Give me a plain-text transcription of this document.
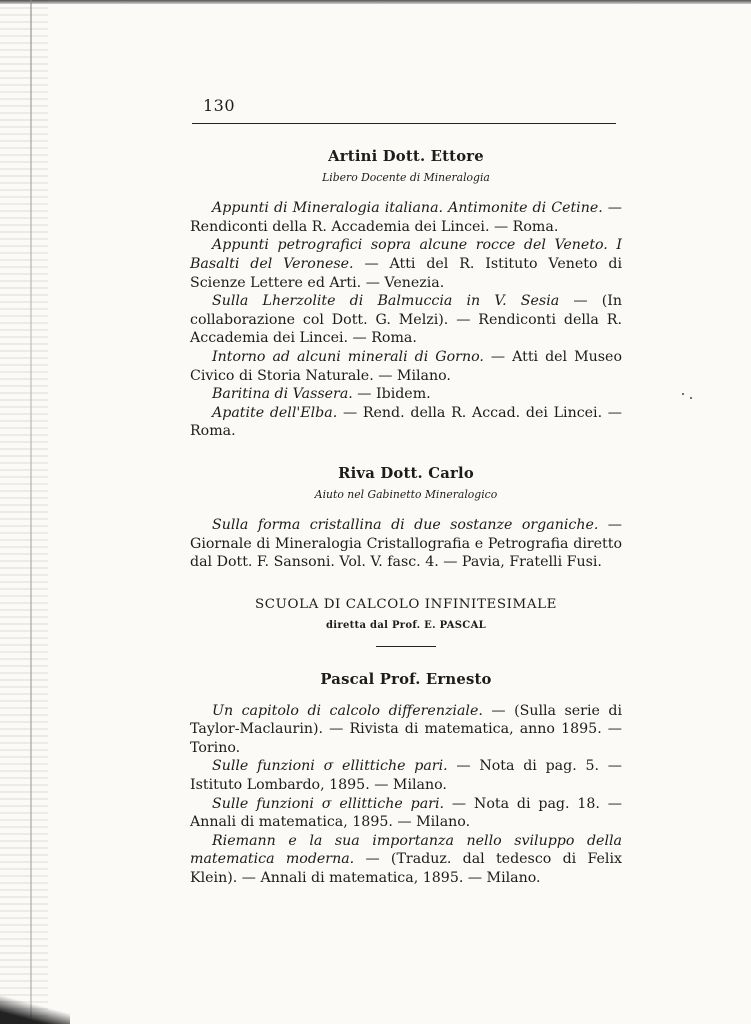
130
Artini Dott. Ettore
Libero Docente di Mineralogia

Appunti di Mineralogia italiana. Antimonite di Cetine. — Rendiconti della R. Accademia dei Lincei. — Roma.

Appunti petrografici sopra alcune rocce del Veneto. I Basalti del Veronese. — Atti del R. Istituto Veneto di Scienze Lettere ed Arti. — Venezia.

Sulla Lherzolite di Balmuccia in V. Sesia — (In collaborazione col Dott. G. Melzi). — Rendiconti della R. Accademia dei Lincei. — Roma.

Intorno ad alcuni minerali di Gorno. — Atti del Museo Civico di Storia Naturale. — Milano.

Baritina di Vassera. — Ibidem.

Apatite dell'Elba. — Rend. della R. Accad. dei Lincei. — Roma.

Riva Dott. Carlo
Aiuto nel Gabinetto Mineralogico

Sulla forma cristallina di due sostanze organiche. — Giornale di Mineralogia Cristallografia e Petrografia diretto dal Dott. F. Sansoni. Vol. V. fasc. 4. — Pavia, Fratelli Fusi.

SCUOLA DI CALCOLO INFINITESIMALE
diretta dal Prof. E. PASCAL
Pascal Prof. Ernesto

Un capitolo di calcolo differenziale. — (Sulla serie di Taylor-Maclaurin). — Rivista di matematica, anno 1895. — Torino.

Sulle funzioni σ ellittiche pari. — Nota di pag. 5. — Istituto Lombardo, 1895. — Milano.

Sulle funzioni σ ellittiche pari. — Nota di pag. 18. — Annali di matematica, 1895. — Milano.

Riemann e la sua importanza nello sviluppo della matematica moderna. — (Traduz. dal tedesco di Felix Klein). — Annali di matematica, 1895. — Milano.
